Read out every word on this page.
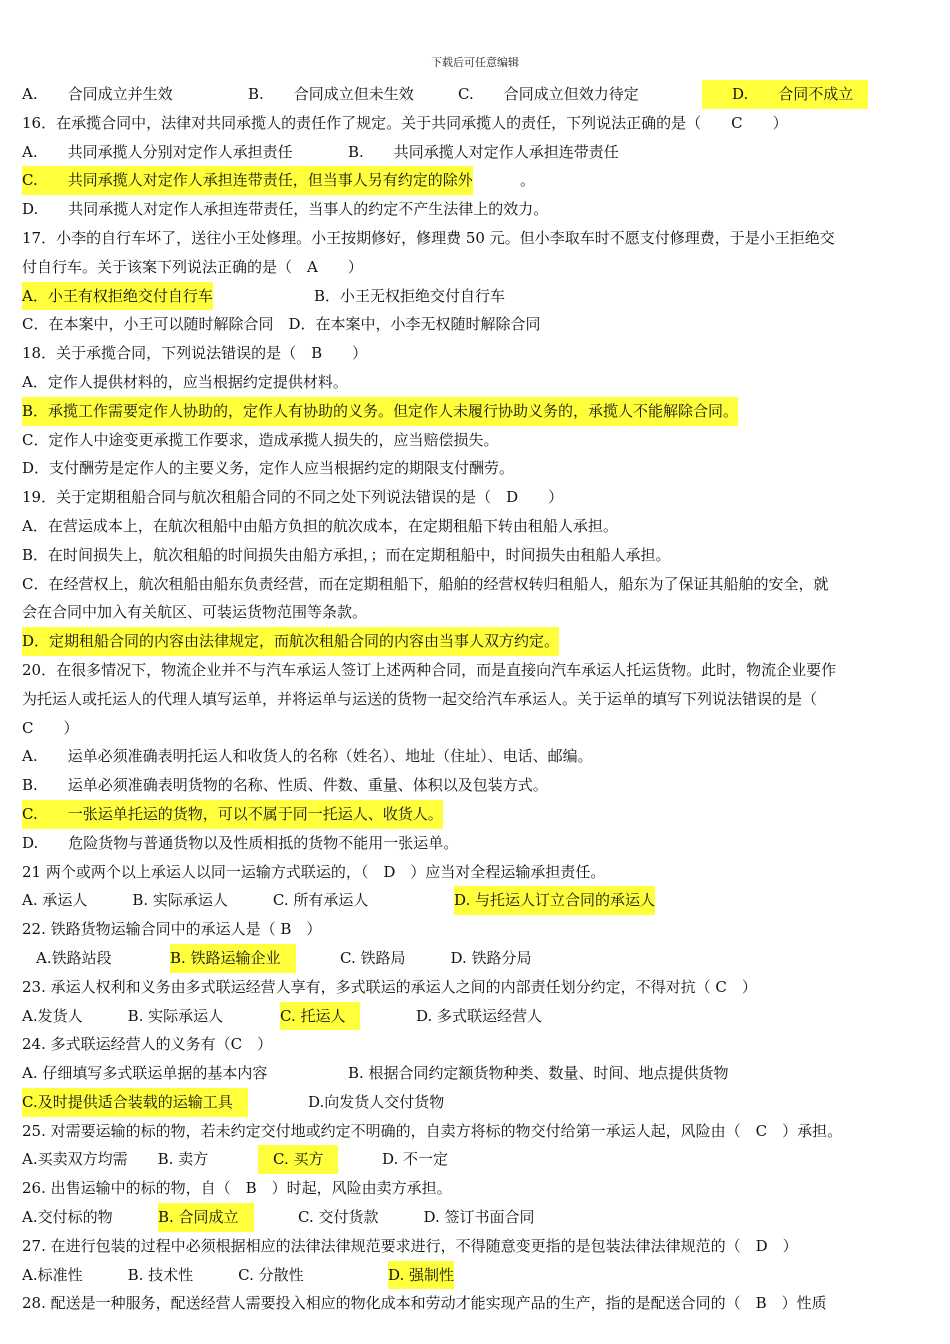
下载后可任意编辑
A.　　合同成立并生效	B.　　合同成立但未生效	C.　　合同成立但效力待定	　　D.　　合同不成立　
16．在承揽合同中，法律对共同承揽人的责任作了规定。关于共同承揽人的责任，下列说法正确的是（　　C　　）
A.　　共同承揽人分别对定作人承担责任	B.　　共同承揽人对定作人承担连带责任
C.　　共同承揽人对定作人承担连带责任，但当事人另有约定的除外	。
D.　　共同承揽人对定作人承担连带责任，当事人的约定不产生法律上的效力。
17．小李的自行车坏了，送往小王处修理。小王按期修好，修理费 50 元。但小李取车时不愿支付修理费，于是小王拒绝交
付自行车。关于该案下列说法正确的是（　A　　）
A．小王有权拒绝交付自行车	B．小王无权拒绝交付自行车
C．在本案中，小王可以随时解除合同　D．在本案中，小李无权随时解除合同
18．关于承揽合同，下列说法错误的是（　B　　）
A．定作人提供材料的，应当根据约定提供材料。
B．承揽工作需要定作人协助的，定作人有协助的义务。但定作人未履行协助义务的，承揽人不能解除合同。
C．定作人中途变更承揽工作要求，造成承揽人损失的，应当赔偿损失。
D．支付酬劳是定作人的主要义务，定作人应当根据约定的期限支付酬劳。
19．关于定期租船合同与航次租船合同的不同之处下列说法错误的是（　D　　）
A．在营运成本上，在航次租船中由船方负担的航次成本，在定期租船下转由租船人承担。
B．在时间损失上，航次租船的时间损失由船方承担，；而在定期租船中，时间损失由租船人承担。
C．在经营权上，航次租船由船东负责经营，而在定期租船下，船舶的经营权转归租船人，船东为了保证其船舶的安全，就
会在合同中加入有关航区、可装运货物范围等条款。
D．定期租船合同的内容由法律规定，而航次租船合同的内容由当事人双方约定。
20．在很多情况下，物流企业并不与汽车承运人签订上述两种合同，而是直接向汽车承运人托运货物。此时，物流企业要作
为托运人或托运人的代理人填写运单，并将运单与运送的货物一起交给汽车承运人。关于运单的填写下列说法错误的是（
C　　）
A.　　运单必须准确表明托运人和收货人的名称（姓名）、地址（住址）、电话、邮编。
B.　　运单必须准确表明货物的名称、性质、件数、重量、体积以及包装方式。
C.　　一张运单托运的货物，可以不属于同一托运人、收货人。
D.　　危险货物与普通货物以及性质相抵的货物不能用一张运单。
21 两个或两个以上承运人以同一运输方式联运的，（　D　）应当对全程运输承担责任。
A. 承运人　　　B. 实际承运人　　　C. 所有承运人	D. 与托运人订立合同的承运人
22. 铁路货物运输合同中的承运人是（ B　）
A.铁路站段	B. 铁路运输企业　	C. 铁路局　　　D. 铁路分局
23. 承运人权利和义务由多式联运经营人享有，多式联运的承运人之间的内部责任划分约定，不得对抗（ C　）
A.发货人　　　B. 实际承运人	C. 托运人　	D. 多式联运经营人
24. 多式联运经营人的义务有（C　）
A. 仔细填写多式联运单据的基本内容	B. 根据合同约定额货物种类、数量、时间、地点提供货物
C.及时提供适合装载的运输工具　	D.向发货人交付货物
25. 对需要运输的标的物，若未约定交付地或约定不明确的，自卖方将标的物交付给第一承运人起，风险由（　C　）承担。
A.买卖双方均需　　B. 卖方	　C. 买方　	D. 不一定
26. 出售运输中的标的物，自（　B　）时起，风险由卖方承担。
A.交付标的物	B. 合同成立　	C. 交付货款　　　D. 签订书面合同
27. 在进行包装的过程中必须根据相应的法律法律规范要求进行，不得随意变更指的是包装法律法律规范的（　D　）
A.标准性　　　B. 技术性　　　C. 分散性	D. 强制性
28. 配送是一种服务，配送经营人需要投入相应的物化成本和劳动才能实现产品的生产，指的是配送合同的（　B　）性质
